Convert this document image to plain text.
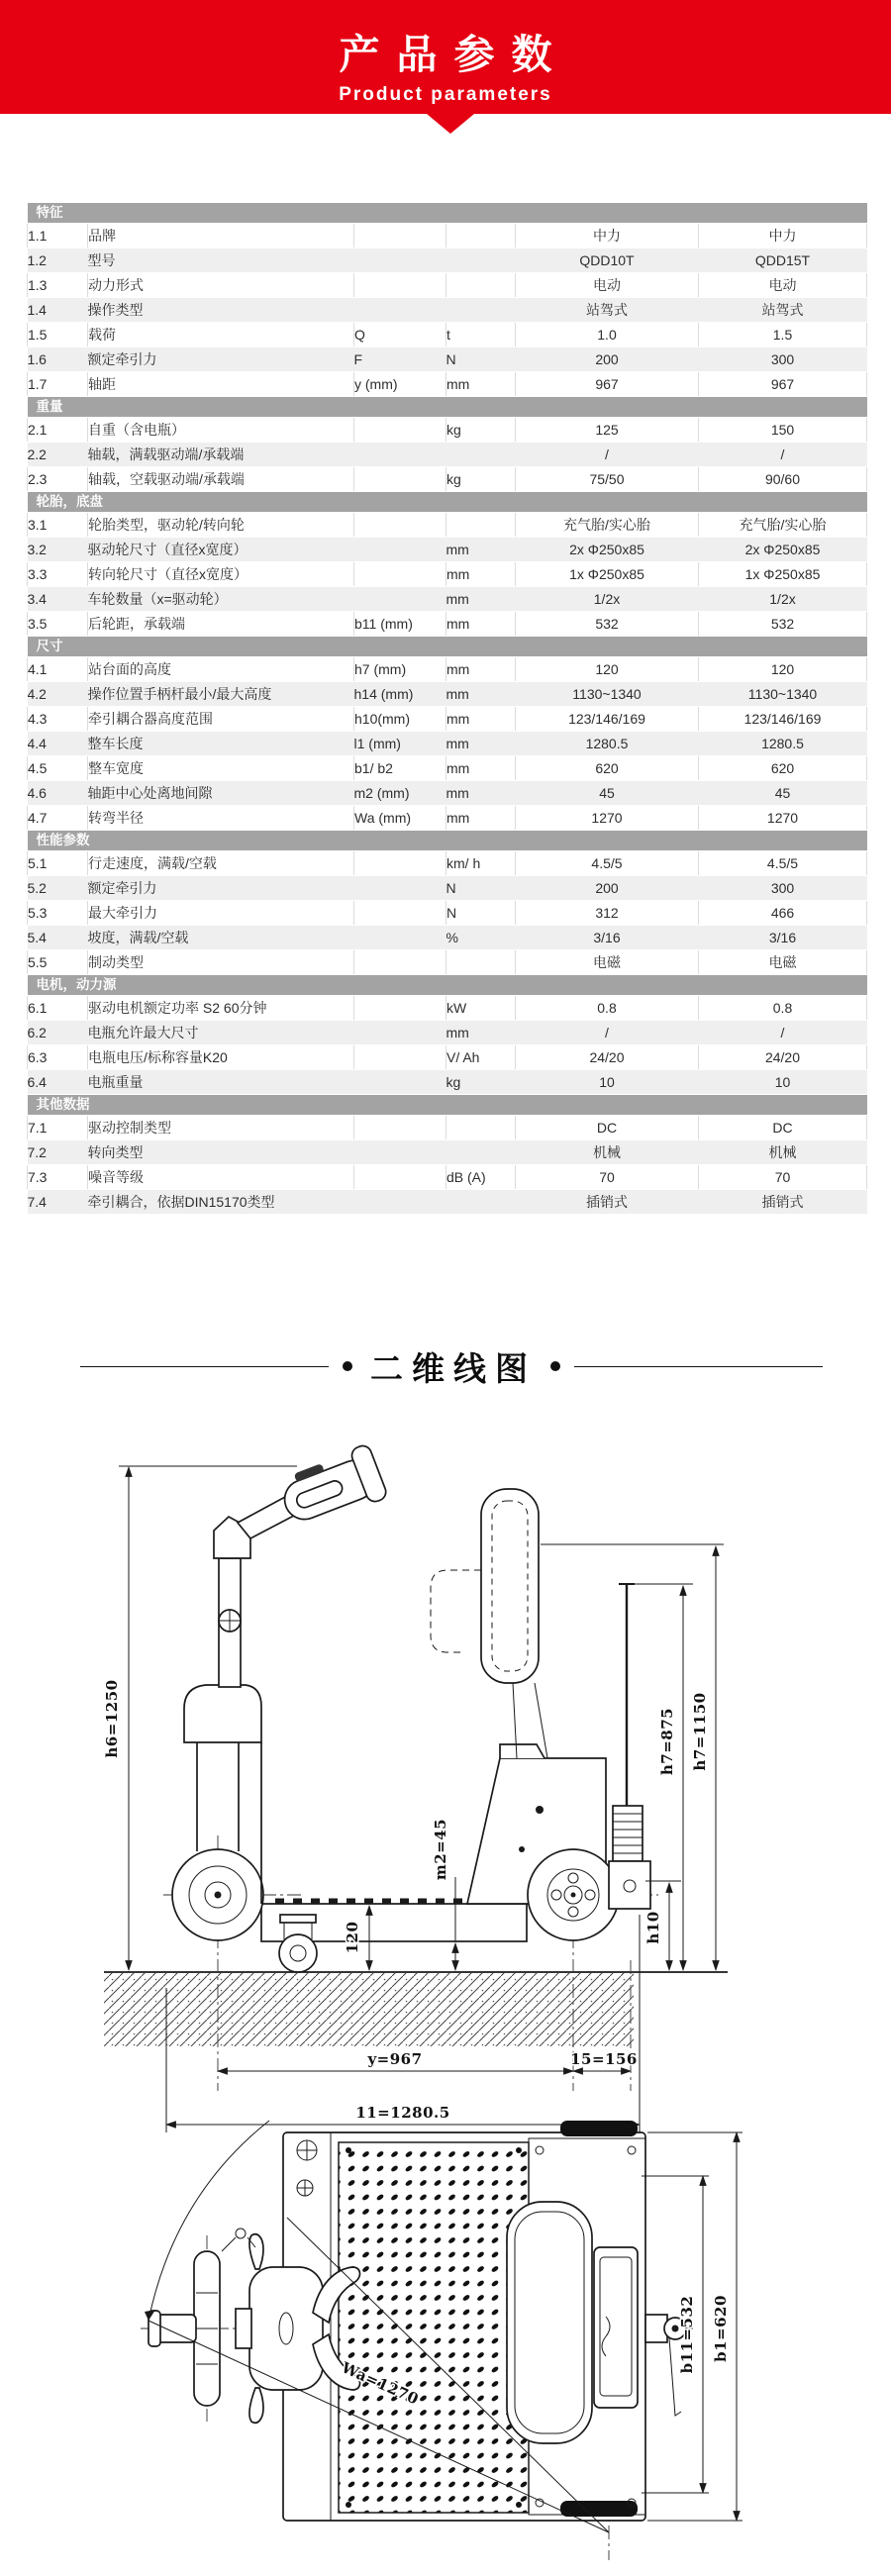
产品参数
Product parameters
特征					
1.1	品牌			中力	中力
1.2	型号			QDD10T	QDD15T
1.3	动力形式			电动	电动
1.4	操作类型			站驾式	站驾式
1.5	载荷	Q	t	1.0	1.5
1.6	额定牵引力	F	N	200	300
1.7	轴距	y (mm)	mm	967	967
重量					
2.1	自重（含电瓶）		kg	125	150
2.2	轴载，满载驱动端/承载端			/	/
2.3	轴载，空载驱动端/承载端		kg	75/50	90/60
轮胎，底盘					
3.1	轮胎类型，驱动轮/转向轮			充气胎/实心胎	充气胎/实心胎
3.2	驱动轮尺寸（直径x宽度）		mm	2x Φ250x85	2x Φ250x85
3.3	转向轮尺寸（直径x宽度）		mm	1x Φ250x85	1x Φ250x85
3.4	车轮数量（x=驱动轮）		mm	1/2x	1/2x
3.5	后轮距，承载端	b11 (mm)	mm	532	532
尺寸					
4.1	站台面的高度	h7 (mm)	mm	120	120
4.2	操作位置手柄杆最小/最大高度	h14 (mm)	mm	1130~1340	1130~1340
4.3	牵引耦合器高度范围	h10(mm)	mm	123/146/169	123/146/169
4.4	整车长度	l1 (mm)	mm	1280.5	1280.5
4.5	整车宽度	b1/ b2	mm	620	620
4.6	轴距中心处离地间隙	m2 (mm)	mm	45	45
4.7	转弯半径	Wa (mm)	mm	1270	1270
性能参数					
5.1	行走速度，满载/空载		km/ h	4.5/5	4.5/5
5.2	额定牵引力		N	200	300
5.3	最大牵引力		N	312	466
5.4	坡度，满载/空载		%	3/16	3/16
5.5	制动类型			电磁	电磁
电机，动力源					
6.1	驱动电机额定功率 S2 60分钟		kW	0.8	0.8
6.2	电瓶允许最大尺寸		mm	/	/
6.3	电瓶电压/标称容量K20		V/ Ah	24/20	24/20
6.4	电瓶重量		kg	10	10
其他数据					
7.1	驱动控制类型			DC	DC
7.2	转向类型			机械	机械
7.3	噪音等级		dB (A)	70	70
7.4	牵引耦合，依据DIN15170类型			插销式	插销式
二维线图
h6=1250
120
m2=45
h10
h7=875 h7=1150
y=967	15=156
11=1280.5
Wa=1270
b11=532 b1=620
